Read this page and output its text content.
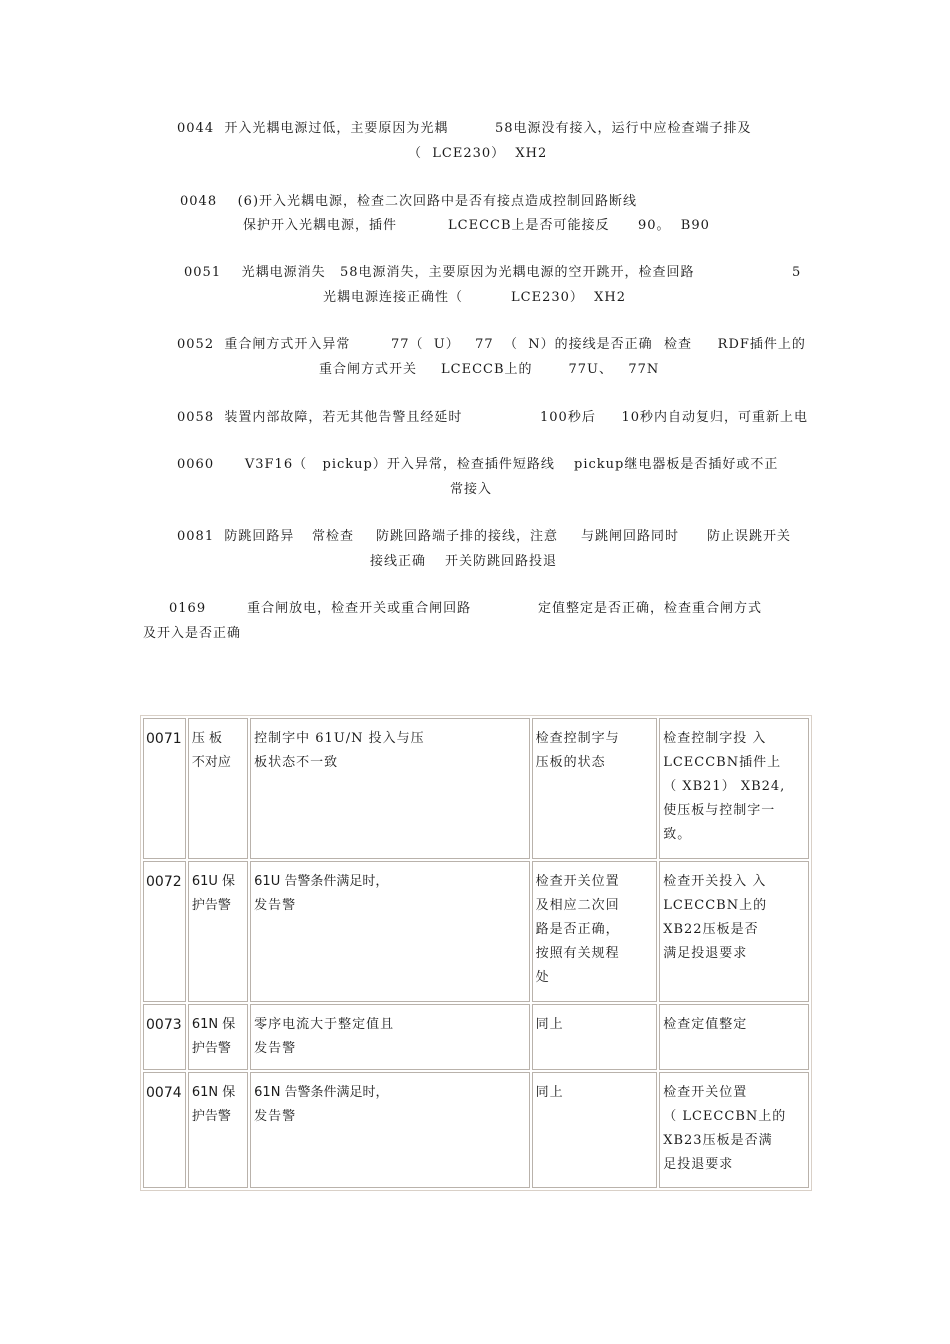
0044  开入光耦电源过低，主要原因为光耦	58电源没有接入，运行中应检查端子排及
（  LCE230）  XH2
0048    (6)开入光耦电源，检查二次回路中是否有接点造成控制回路断线
保护开入光耦电源，插件	LCECCB上是否可能接反 90。  B90
0051    光耦电源消失 58电源消失，主要原因为光耦电源的空开跳开，检查回路	5
光耦电源连接正确性（	LCE230）  XH2
0052  重合闸方式开入异常	77（  U）   77  （  N）的接线是否正确 检查     RDF插件上的
重合闸方式开关 LCECCB上的       77U、   77N
0058  装置内部故障，若无其他告警且经延时	100秒后     10秒内自动复归，可重新上电
0060      V3F16（   pickup）开入异常，检查插件短路线 pickup继电器板是否插好或不正
常接入
0081  防跳回路异 常检查 防跳回路端子排的接线，注意 与跳闸回路同时 防止误跳开关
接线正确 开关防跳回路投退
0169        重合闸放电，检查开关或重合闸回路	定值整定是否正确，检查重合闸方式
及开入是否正确
0071	压 板
不对应	控制字中 61U/N 投入与压
板状态不一致	检查控制字与
压板的状态	检查控制字投 入
LCECCBN插件上
（ XB21） XB24,
使压板与控制字一
致。

0072	61U 保
护告警	61U 告警条件满足时，
发告警	检查开关位置
及相应二次回
路是否正确，
按照有关规程
处	检查开关投入 入
LCECCBN上的
XB22压板是否
满足投退要求

0073	61N 保
护告警	零序电流大于整定值且
发告警	同上	检查定值整定

0074	61N 保
护告警	61N 告警条件满足时，
发告警	同上	检查开关位置
（ LCECCBN上的
XB23压板是否满
足投退要求
